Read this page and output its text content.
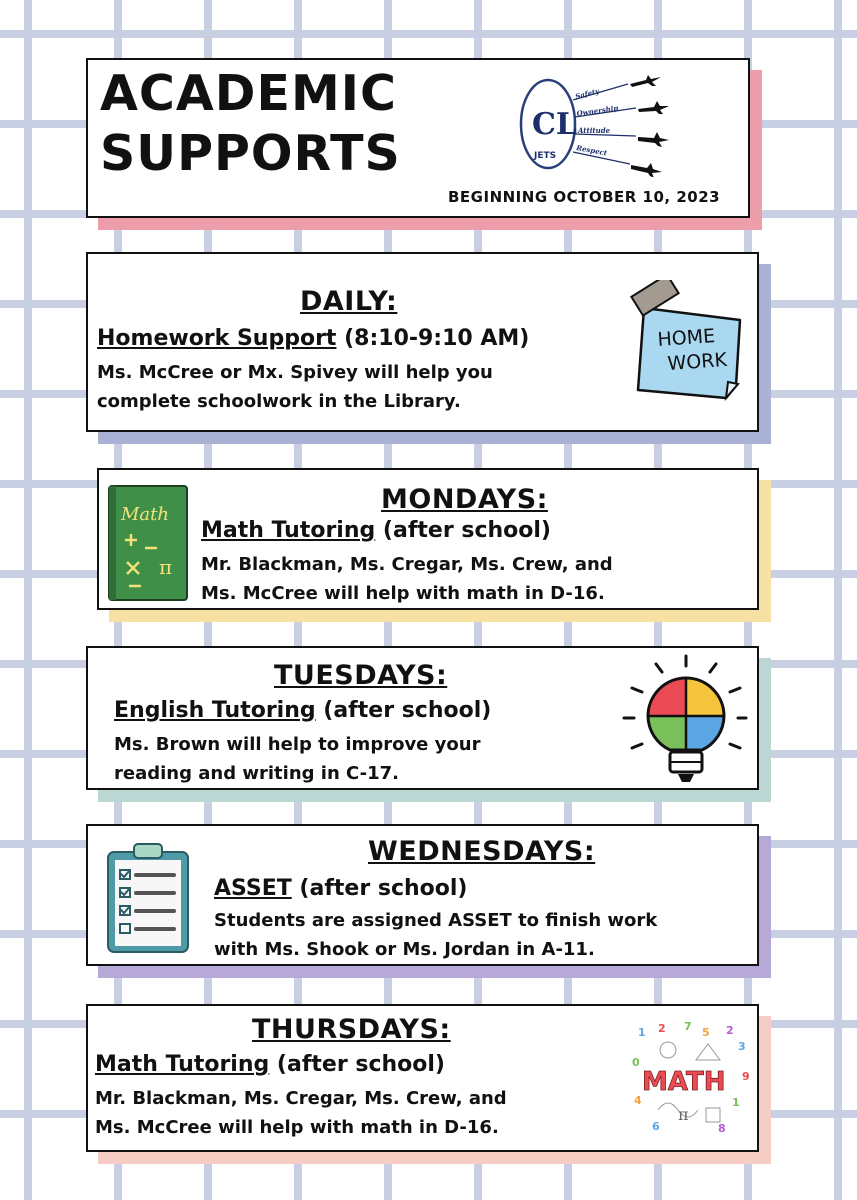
ACADEMIC
SUPPORTS
CL
JETS
Safety
Ownership
Attitude
Respect
BEGINNING OCTOBER 10, 2023
DAILY:
Homework Support (8:10-9:10 AM)
Ms. McCree or Mx. Spivey will help you
complete schoolwork in the Library.
HOME
WORK
Math
π
MONDAYS:
Math Tutoring (after school)
Mr. Blackman, Ms. Cregar, Ms. Crew, and
Ms. McCree will help with math in D-16.
TUESDAYS:
English Tutoring (after school)
Ms. Brown will help to improve your
reading and writing in C-17.
WEDNESDAYS:
ASSET (after school)
Students are assigned ASSET to finish work
with Ms. Shook or Ms. Jordan in A-11.
THURSDAYS:
Math Tutoring (after school)
Mr. Blackman, Ms. Cregar, Ms. Crew, and
Ms. McCree will help with math in D-16.
1 2 7 5 2
3
0
9
4	1
6	8
π
MATH
